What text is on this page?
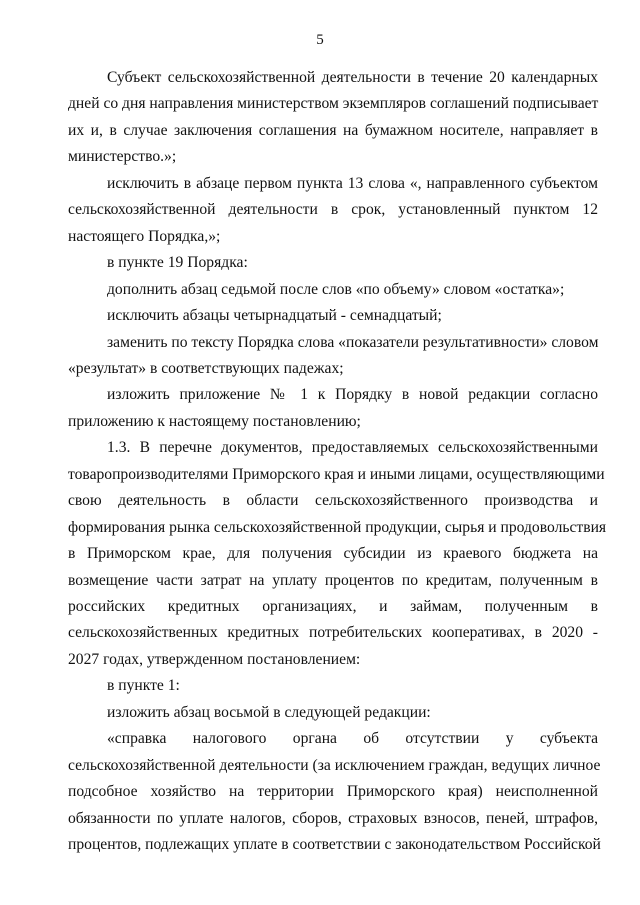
5
Субъект сельскохозяйственной деятельности в течение 20 календарных
дней со дня направления министерством экземпляров соглашений подписывает
их и, в случае заключения соглашения на бумажном носителе, направляет в
министерство.»;
исключить в абзаце первом пункта 13 слова «, направленного субъектом
сельскохозяйственной деятельности в срок, установленный пунктом 12
настоящего Порядка,»;
в пункте 19 Порядка:
дополнить абзац седьмой после слов «по объему» словом «остатка»;
исключить абзацы четырнадцатый - семнадцатый;
заменить по тексту Порядка слова «показатели результативности» словом
«результат» в соответствующих падежах;
изложить приложение № 1 к Порядку в новой редакции согласно
приложению к настоящему постановлению;
1.3. В перечне документов, предоставляемых сельскохозяйственными
товаропроизводителями Приморского края и иными лицами, осуществляющими
свою деятельность в области сельскохозяйственного производства и
формирования рынка сельскохозяйственной продукции, сырья и продовольствия
в Приморском крае, для получения субсидии из краевого бюджета на
возмещение части затрат на уплату процентов по кредитам, полученным в
российских кредитных организациях, и займам, полученным в
сельскохозяйственных кредитных потребительских кооперативах, в 2020 -
2027 годах, утвержденном постановлением:
в пункте 1:
изложить абзац восьмой в следующей редакции:
«справка налогового органа об отсутствии у субъекта
сельскохозяйственной деятельности (за исключением граждан, ведущих личное
подсобное хозяйство на территории Приморского края) неисполненной
обязанности по уплате налогов, сборов, страховых взносов, пеней, штрафов,
процентов, подлежащих уплате в соответствии с законодательством Российской
